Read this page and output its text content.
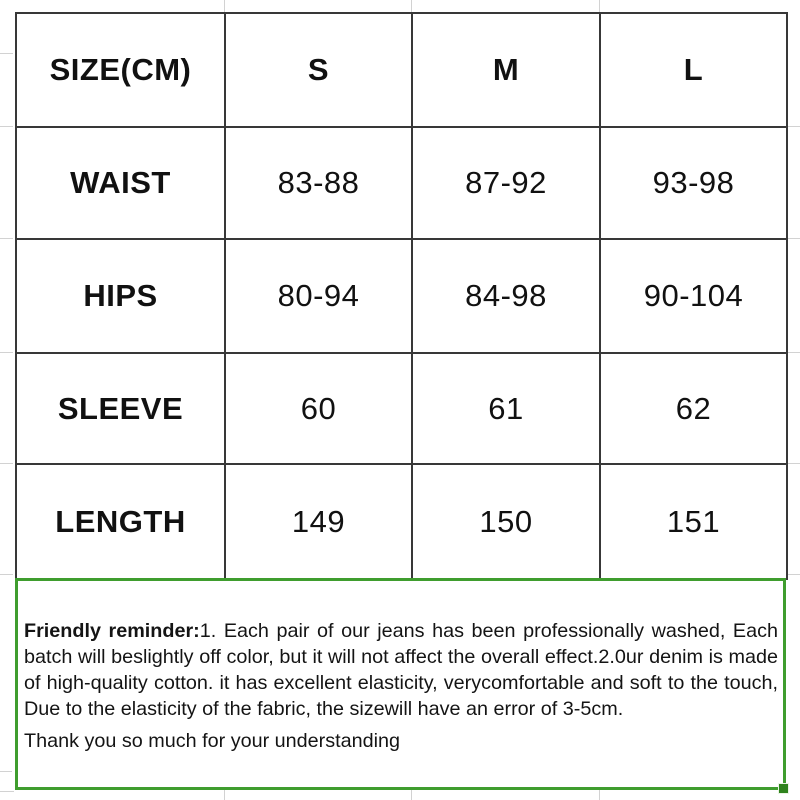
SIZE(CM)	S	M	L
WAIST	83-88	87-92	93-98
HIPS	80-94	84-98	90-104
SLEEVE	60	61	62
LENGTH	149	150	151

Friendly reminder:1. Each pair of our jeans has been professionally washed, Each batch will beslightly off color, but it will not affect the overall effect.2.0ur denim is made of high-quality cotton. it has excellent elasticity, verycomfortable and soft to the touch, Due to the elasticity of the fabric, the sizewill have an error of 3-5cm.

Thank you so much for your understanding
